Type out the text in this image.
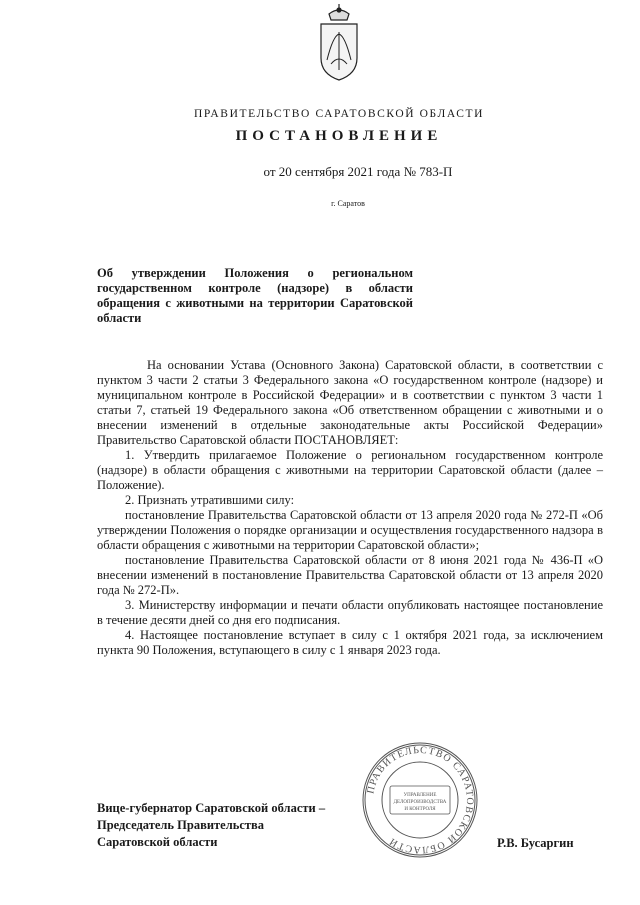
ПРАВИТЕЛЬСТВО САРАТОВСКОЙ ОБЛАСТИ
ПОСТАНОВЛЕНИЕ
от 20 сентября 2021 года № 783-П
г. Саратов
Об утверждении Положения о региональном государственном контроле (надзоре) в области обращения с животными на территории Саратовской области

На основании Устава (Основного Закона) Саратовской области, в соответствии с пунктом 3 части 2 статьи 3 Федерального закона «О государственном контроле (надзоре) и муниципальном контроле в Российской Федерации» и в соответствии с пунктом 3 части 1 статьи 7, статьей 19 Федерального закона «Об ответственном обращении с животными и о внесении изменений в отдельные законодательные акты Российской Федерации» Правительство Саратовской области ПОСТАНОВЛЯЕТ:

1. Утвердить прилагаемое Положение о региональном государственном контроле (надзоре) в области обращения с животными на территории Саратовской области (далее – Положение).

2. Признать утратившими силу:

постановление Правительства Саратовской области от 13 апреля 2020 года № 272-П «Об утверждении Положения о порядке организации и осуществления государственного надзора в области обращения с животными на территории Саратовской области»;

постановление Правительства Саратовской области от 8 июня 2021 года № 436-П «О внесении изменений в постановление Правительства Саратовской области от 13 апреля 2020 года № 272-П».

3. Министерству информации и печати области опубликовать настоящее постановление в течение десяти дней со дня его подписания.

4. Настоящее постановление вступает в силу с 1 октября 2021 года, за исключением пункта 90 Положения, вступающего в силу с 1 января 2023 года.

ПРАВИТЕЛЬСТВО САРАТОВСКОЙ ОБЛАСТИ
УПРАВЛЕНИЕ
ДЕЛОПРОИЗВОДСТВА
И КОНТРОЛЯ
Вице-губернатор Саратовской области –
Председатель Правительства
Саратовской области	Р.В. Бусаргин
